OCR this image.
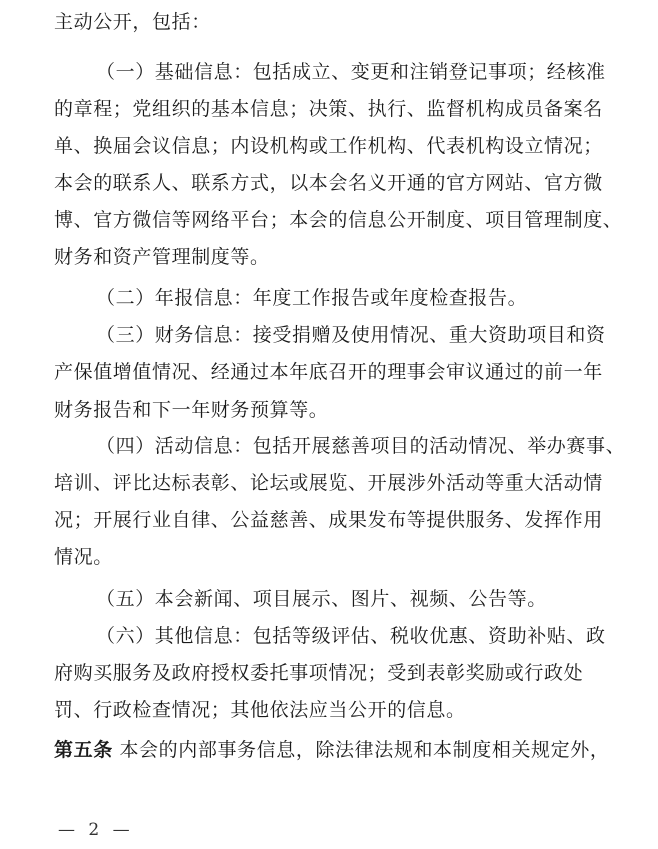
主动公开，包括：
（一）基础信息：包括成立、变更和注销登记事项；经核准
的章程；党组织的基本信息；决策、执行、监督机构成员备案名
单、换届会议信息；内设机构或工作机构、代表机构设立情况；
本会的联系人、联系方式，以本会名义开通的官方网站、官方微
博、官方微信等网络平台；本会的信息公开制度、项目管理制度、
财务和资产管理制度等。
（二）年报信息：年度工作报告或年度检查报告。
（三）财务信息：接受捐赠及使用情况、重大资助项目和资
产保值增值情况、经通过本年底召开的理事会审议通过的前一年
财务报告和下一年财务预算等。
（四）活动信息：包括开展慈善项目的活动情况、举办赛事、
培训、评比达标表彰、论坛或展览、开展涉外活动等重大活动情
况；开展行业自律、公益慈善、成果发布等提供服务、发挥作用
情况。
（五）本会新闻、项目展示、图片、视频、公告等。
（六）其他信息：包括等级评估、税收优惠、资助补贴、政
府购买服务及政府授权委托事项情况；受到表彰奖励或行政处
罚、行政检查情况；其他依法应当公开的信息。
第五条 本会的内部事务信息，除法律法规和本制度相关规定外，
— 2 —
